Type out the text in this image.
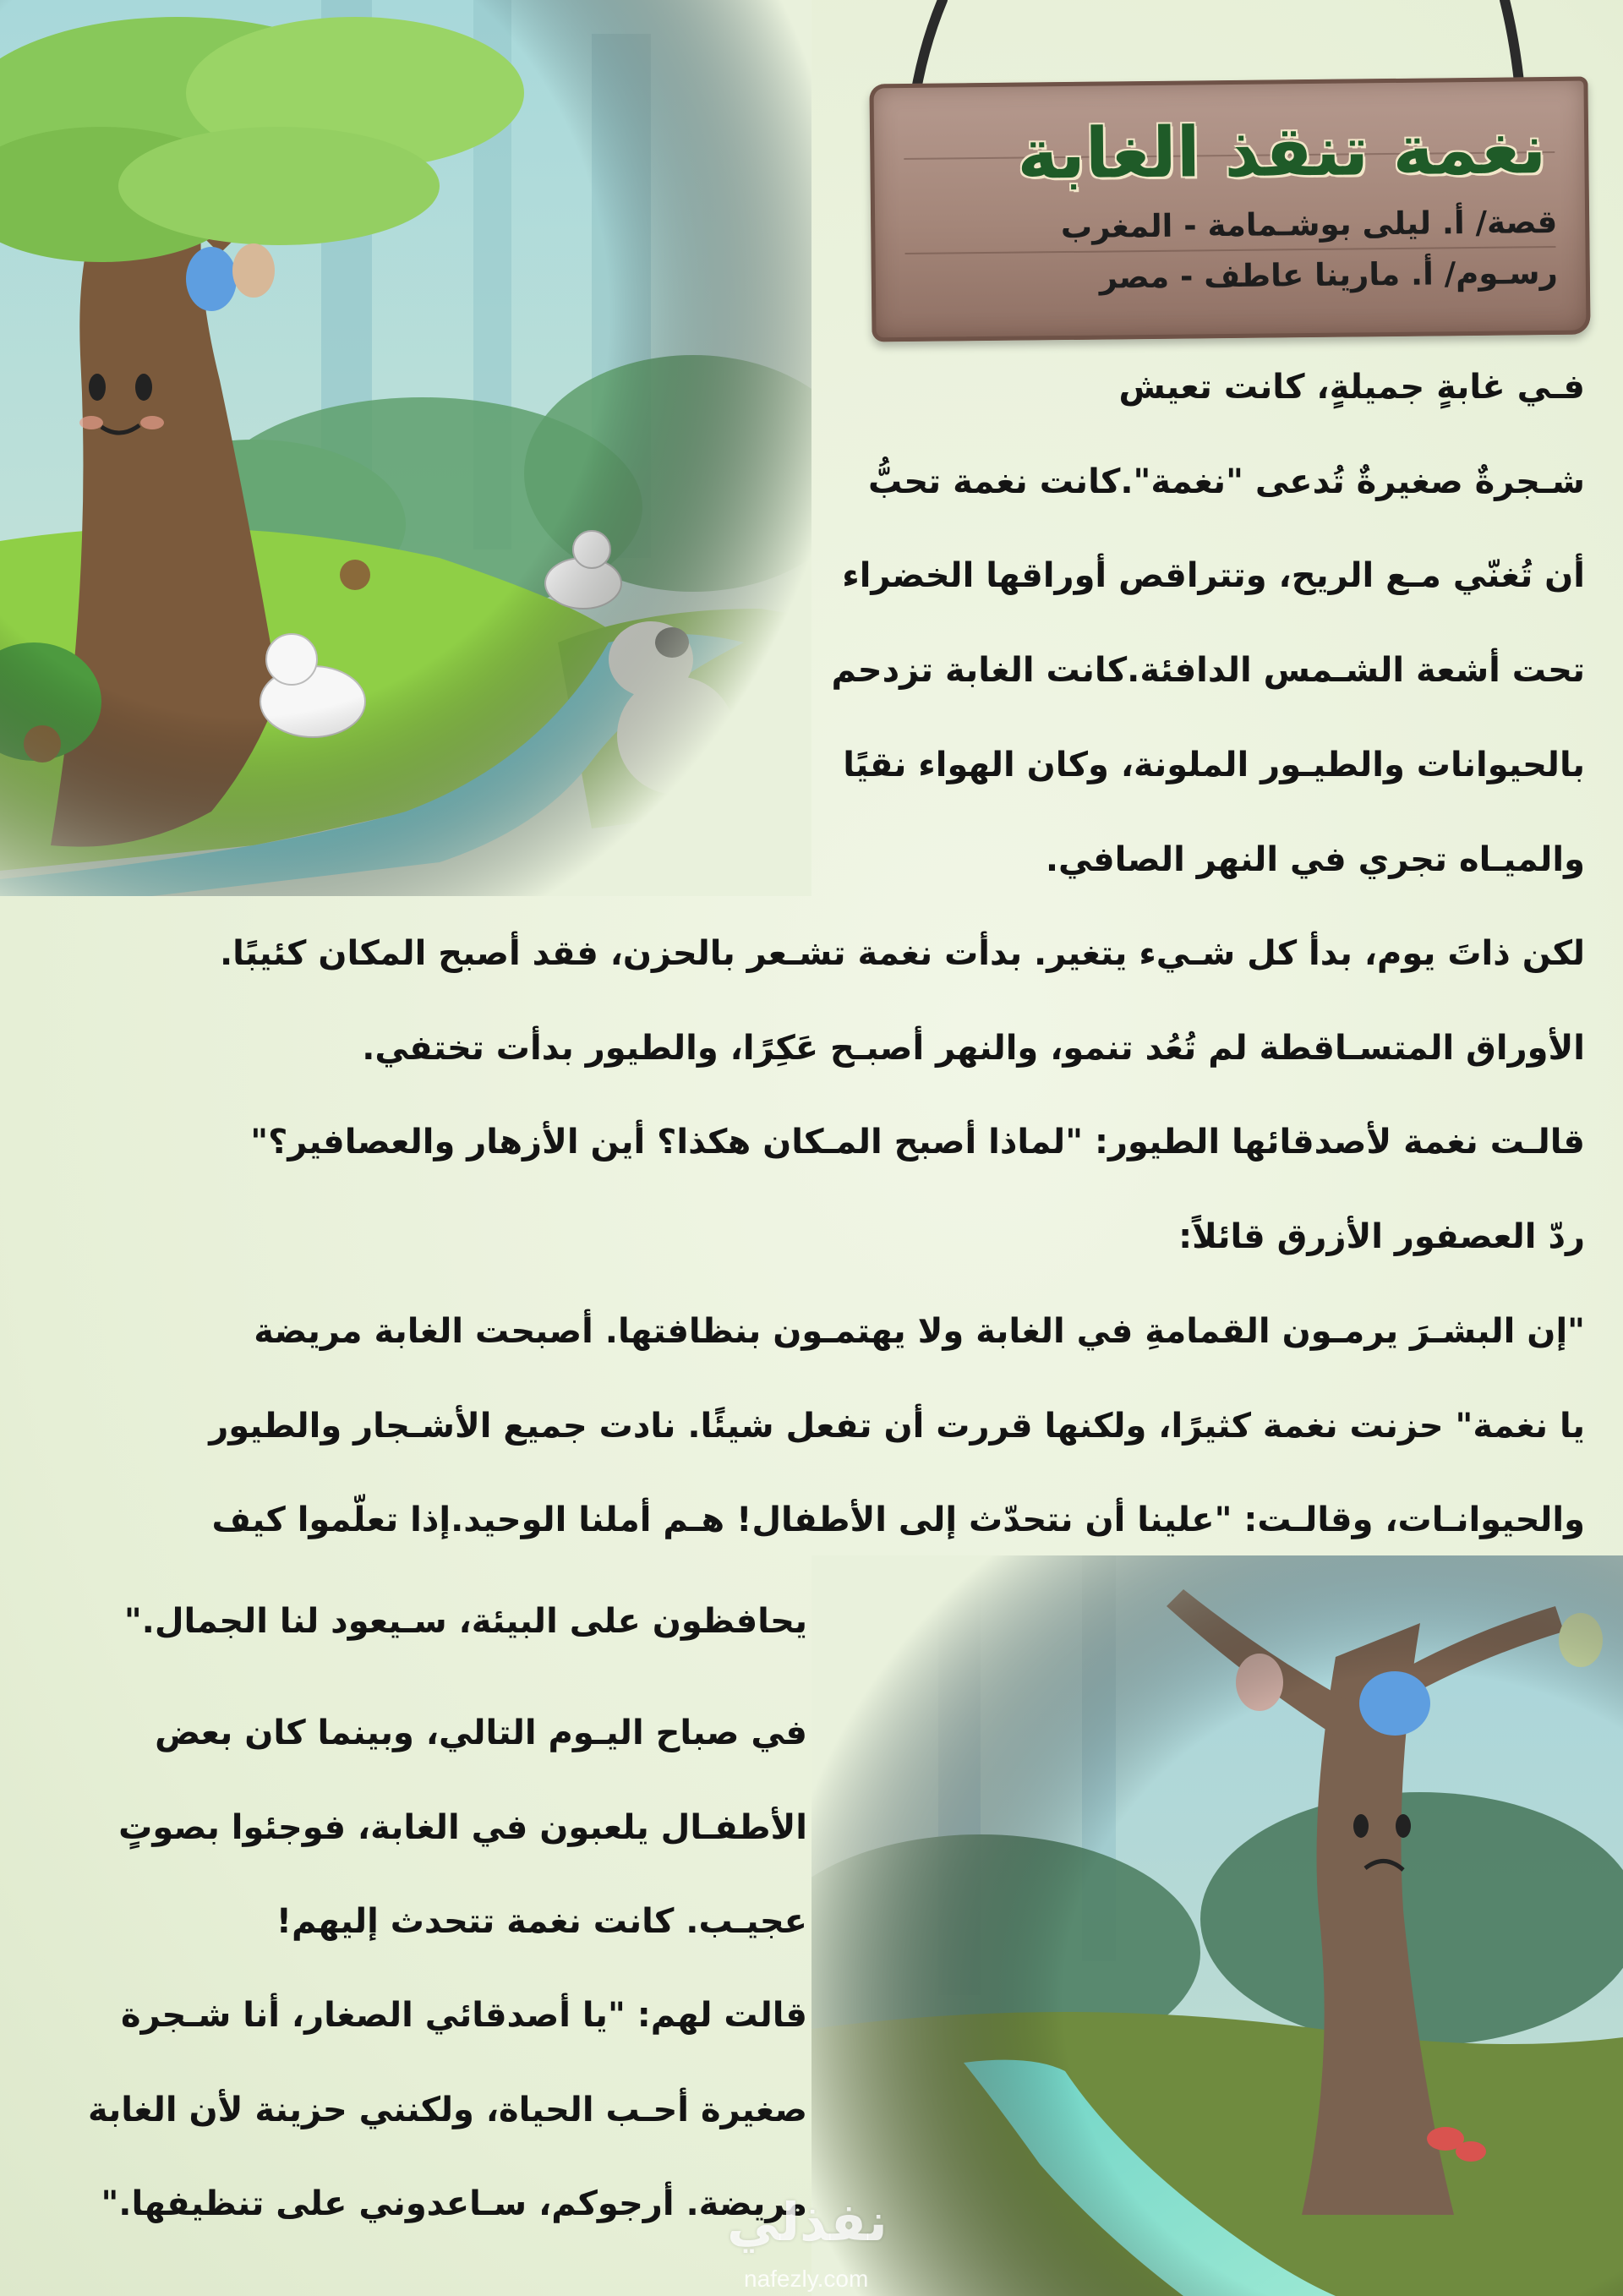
نغمة تنقذ الغابة
قصة/ أ. ليلى بوشـمامة - المغرب
رسـوم/ أ. مارينا عاطف - مصر
فـي غابةٍ جميلةٍ، كانت تعيش
شـجرةٌ صغيرةٌ تُدعى "نغمة".كانت نغمة تحبُّ
أن تُغنّي مـع الريح، وتتراقص أوراقها الخضراء
تحت أشعة الشـمس الدافئة.كانت الغابة تزدحم
بالحيوانات والطيـور الملونة، وكان الهواء نقيًا
والميـاه تجري في النهر الصافي.
لكن ذاتَ يوم، بدأ كل شـيء يتغير. بدأت نغمة تشـعر بالحزن، فقد أصبح المكان كئيبًا.
الأوراق المتسـاقطة لم تُعُد تنمو، والنهر أصبـح عَكِرًا، والطيور بدأت تختفي.
قالـت نغمة لأصدقائها الطيور: "لماذا أصبح المـكان هكذا؟ أين الأزهار والعصافير؟"
ردّ العصفور الأزرق قائلاً:
"إن البشـرَ يرمـون القمامةِ في الغابة ولا يهتمـون بنظافتها. أصبحت الغابة مريضة
يا نغمة" حزنت نغمة كثيرًا، ولكنها قررت أن تفعل شيئًا. نادت جميع الأشـجار والطيور
والحيوانـات، وقالـت: "علينا أن نتحدّث إلى الأطفال! هـم أملنا الوحيد.إذا تعلّموا كيف
يحافظون على البيئة، سـيعود لنا الجمال."
في صباح اليـوم التالي، وبينما كان بعض
الأطفـال يلعبون في الغابة، فوجئوا بصوتٍ
عجيـب. كانت نغمة تتحدث إليهم!
قالت لهم: "يا أصدقائي الصغار، أنا شـجرة
صغيرة أحـب الحياة، ولكنني حزينة لأن الغابة
مريضة. أرجوكم، سـاعدوني على تنظيفها."
نفذلي
nafezly.com
